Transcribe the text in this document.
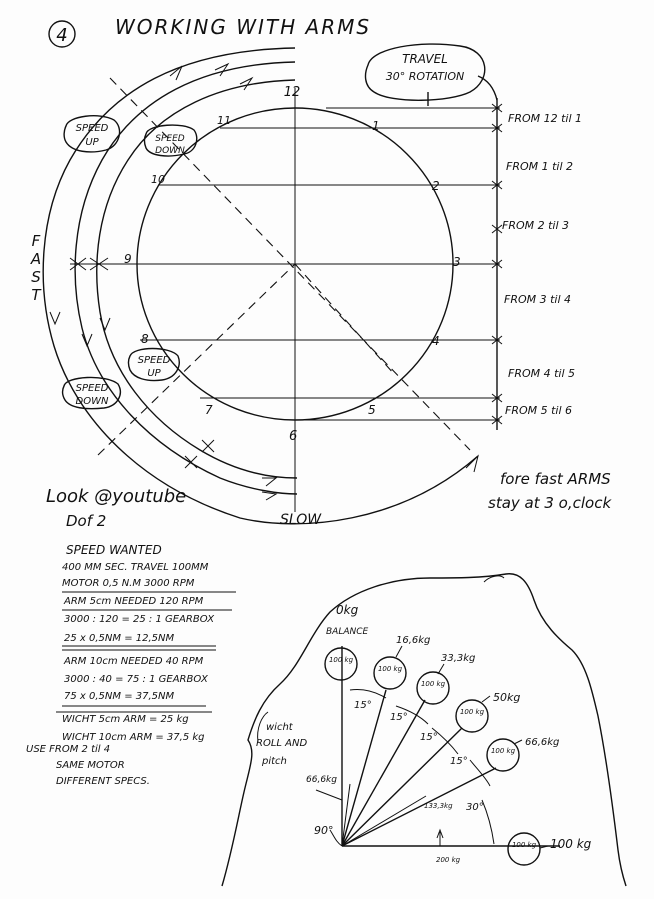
4 WORKING WITH ARMS
TRAVEL
30° ROTATION
FROM 12 til 1
FROM 1 til 2
FROM 2 til 3
FROM 3 til 4
FROM 4 til 5
FROM 5 til 6
12
1
2
3
4
5
6
7
8
9
10
11
SPEED
UP	SPEED
DOWN
SPEED
UP
SPEED
DOWN
F
A
S
T
SLOW
fore fast ARMS
stay at 3 o,clock
Look @youtube
Dof 2
SPEED WANTED
400 MM SEC. TRAVEL 100MM
MOTOR 0,5 N.M 3000 RPM
ARM 5cm NEEDED 120 RPM
3000 : 120 = 25 : 1 GEARBOX
25 x 0,5NM = 12,5NM
ARM 10cm NEEDED 40 RPM
3000 : 40 = 75 : 1 GEARBOX
75 x 0,5NM = 37,5NM
WICHT 5cm ARM = 25 kg
WICHT 10cm ARM = 37,5 kg
USE FROM 2 til 4
SAME MOTOR
DIFFERENT SPECS.
100 kg
100 kg
100 kg
100 kg
100 kg
100 kg
0kg
BALANCE
16,6kg
33,3kg
50kg
66,6kg
100 kg
15°
15°
15°
15°
30°
66,6kg
133,3kg
200 kg
90°
wicht
ROLL AND
pitch
